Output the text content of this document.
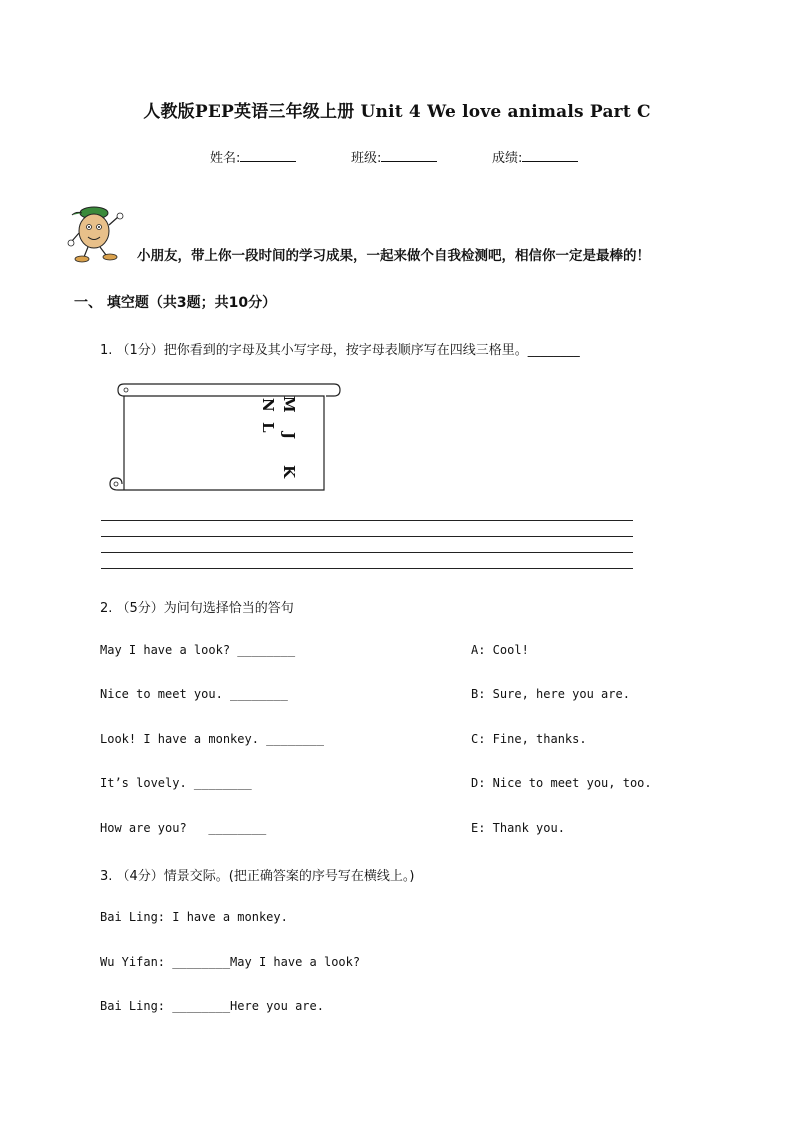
人教版PEP英语三年级上册 Unit 4 We love animals Part C
姓名:	班级:	成绩:
小朋友，带上你一段时间的学习成果，一起来做个自我检测吧，相信你一定是最棒的！
一、 填空题（共3题；共10分）
1. （1分）把你看到的字母及其小写字母，按字母表顺序写在四线三格里。________
M
J
K
N
L
2. （5分）为问句选择恰当的答句
May I have a look? ________
Nice to meet you. ________
Look! I have a monkey. ________
It’s lovely. ________
How are you?   ________
A: Cool!
B: Sure, here you are.
C: Fine, thanks.
D: Nice to meet you, too.
E: Thank you.
3. （4分）情景交际。(把正确答案的序号写在横线上。)
Bai Ling: I have a monkey.
Wu Yifan: ________May I have a look?
Bai Ling: ________Here you are.
